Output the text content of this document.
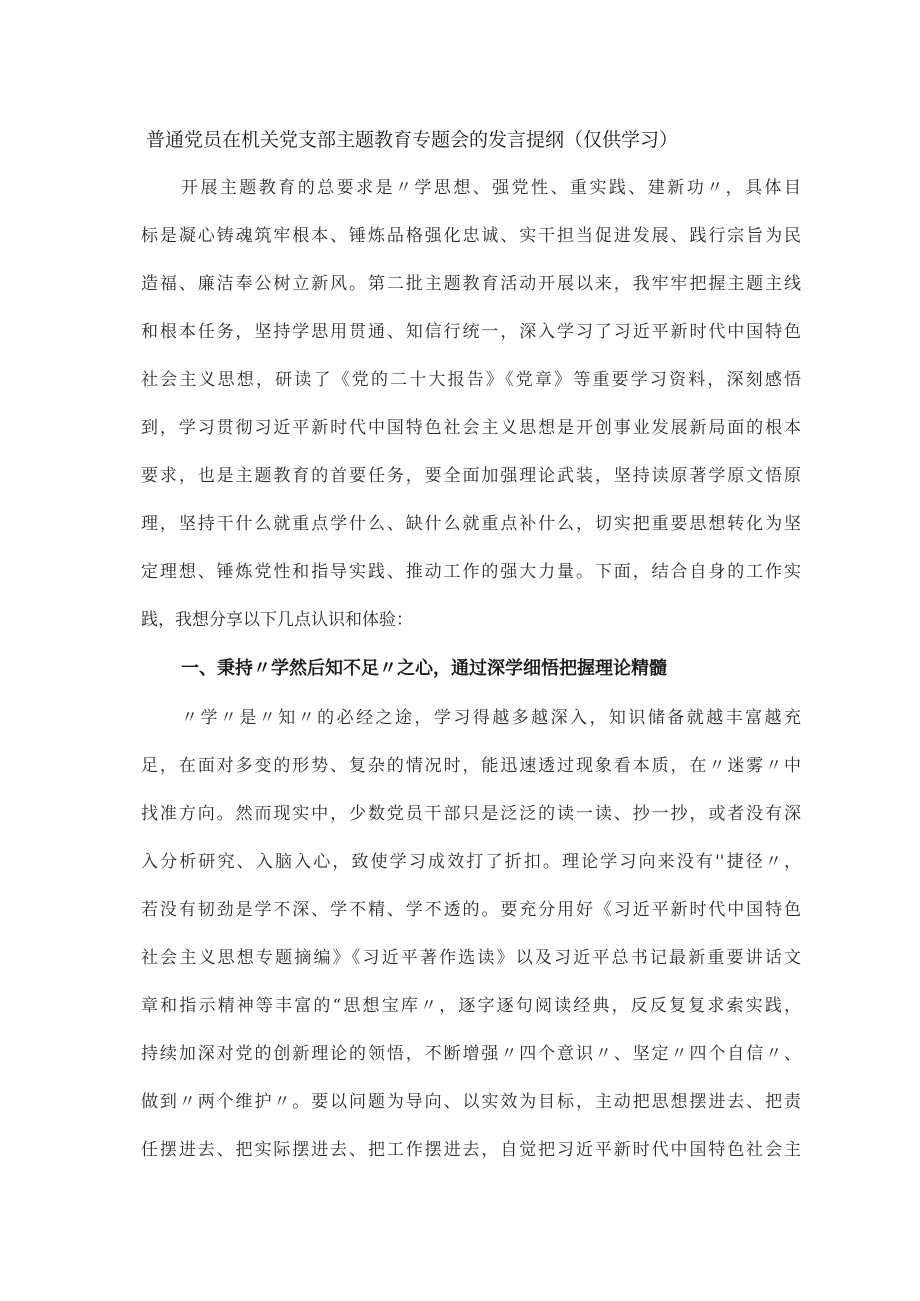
普通党员在机关党支部主题教育专题会的发言提纲（仅供学习）
开展主题教育的总要求是〃学思想、强党性、重实践、建新功〃，具体目
标是凝心铸魂筑牢根本、锤炼品格强化忠诚、实干担当促进发展、践行宗旨为民
造福、廉洁奉公树立新风。第二批主题教育活动开展以来，我牢牢把握主题主线
和根本任务，坚持学思用贯通、知信行统一，深入学习了习近平新时代中国特色
社会主义思想，研读了《党的二十大报告》《党章》等重要学习资料，深刻感悟
到，学习贯彻习近平新时代中国特色社会主义思想是开创事业发展新局面的根本
要求，也是主题教育的首要任务，要全面加强理论武装，坚持读原著学原文悟原
理，坚持干什么就重点学什么、缺什么就重点补什么，切实把重要思想转化为坚
定理想、锤炼党性和指导实践、推动工作的强大力量。下面，结合自身的工作实
践，我想分享以下几点认识和体验：
一、秉持〃学然后知不足〃之心，通过深学细悟把握理论精髓
〃学〃是〃知〃的必经之途，学习得越多越深入，知识储备就越丰富越充
足，在面对多变的形势、复杂的情况时，能迅速透过现象看本质，在〃迷雾〃中
找准方向。然而现实中，少数党员干部只是泛泛的读一读、抄一抄，或者没有深
入分析研究、入脑入心，致使学习成效打了折扣。理论学习向来没有''捷径〃，
若没有韧劲是学不深、学不精、学不透的。要充分用好《习近平新时代中国特色
社会主义思想专题摘编》《习近平著作选读》以及习近平总书记最新重要讲话文
章和指示精神等丰富的“思想宝库〃，逐字逐句阅读经典，反反复复求索实践，
持续加深对党的创新理论的领悟，不断增强〃四个意识〃、坚定〃四个自信〃、
做到〃两个维护〃。要以问题为导向、以实效为目标，主动把思想摆进去、把责
任摆进去、把实际摆进去、把工作摆进去，自觉把习近平新时代中国特色社会主
